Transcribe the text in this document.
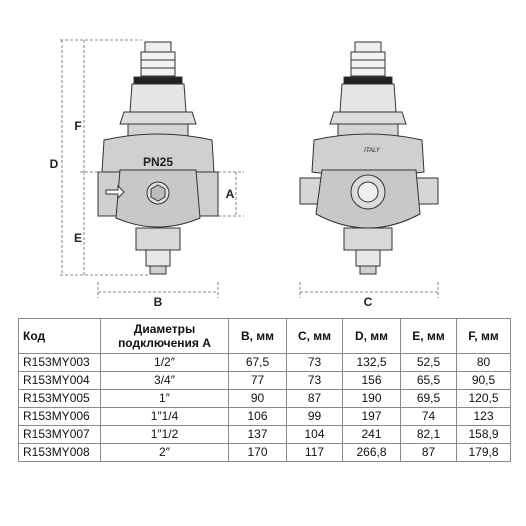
PN25
D
F
E
A
B
ITALY
C
Код	Диаметры подключения А	B, мм	C, мм	D, мм	E, мм	F, мм
R153MY003	1/2″	67,5	73	132,5	52,5	80
R153MY004	3/4″	77	73	156	65,5	90,5
R153MY005	1″	90	87	190	69,5	120,5
R153MY006	1″1/4	106	99	197	74	123
R153MY007	1″1/2	137	104	241	82,1	158,9
R153MY008	2″	170	117	266,8	87	179,8
